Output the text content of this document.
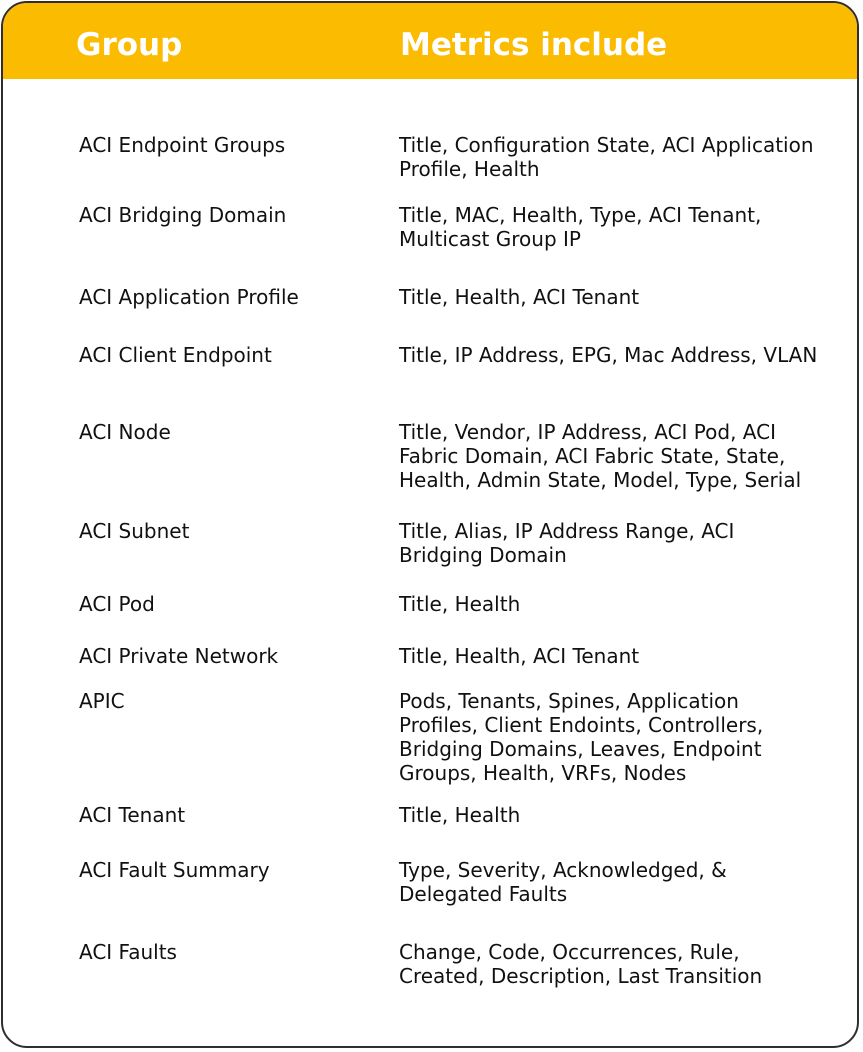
Group	Metrics include
ACI Endpoint Groups	Title, Configuration State, ACI Application Profile, Health
ACI Bridging Domain	Title, MAC, Health, Type, ACI Tenant, Multicast Group IP
ACI Application Profile	Title, Health, ACI Tenant
ACI Client Endpoint	Title, IP Address, EPG, Mac Address, VLAN
ACI Node	Title, Vendor, IP Address, ACI Pod, ACI Fabric Domain, ACI Fabric State, State, Health, Admin State, Model, Type, Serial
ACI Subnet	Title, Alias, IP Address Range, ACI Bridging Domain
ACI Pod	Title, Health
ACI Private Network	Title, Health, ACI Tenant
APIC	Pods, Tenants, Spines, Application Profiles, Client Endoints, Controllers, Bridging Domains, Leaves, Endpoint Groups, Health, VRFs, Nodes
ACI Tenant	Title, Health
ACI Fault Summary	Type, Severity, Acknowledged, & Delegated Faults
ACI Faults	Change, Code, Occurrences, Rule, Created, Description, Last Transition
